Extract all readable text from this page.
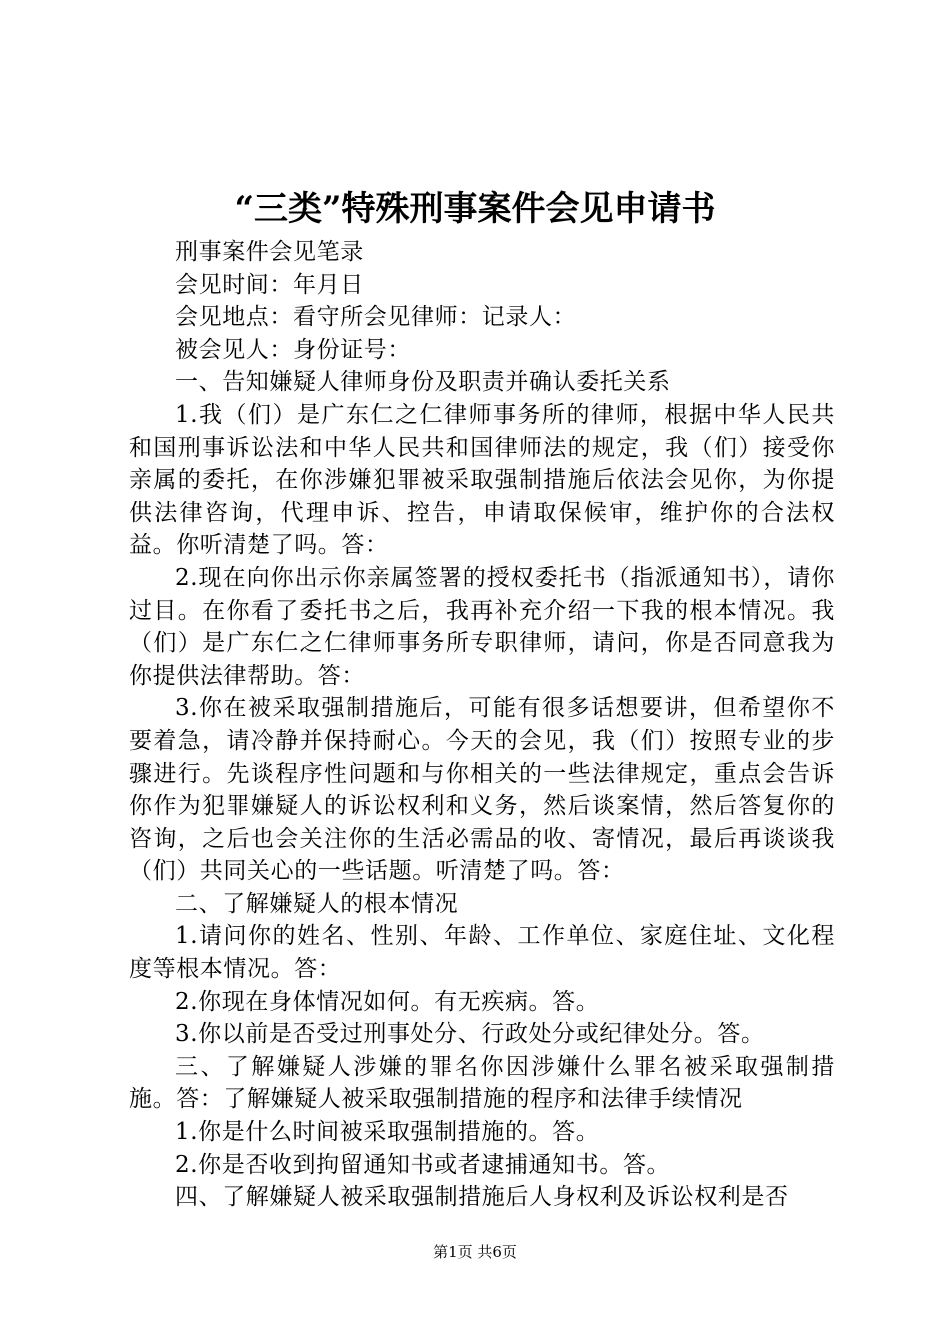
“三类”特殊刑事案件会见申请书

刑事案件会见笔录

会见时间：年月日

会见地点：看守所会见律师：记录人：

被会见人：身份证号：

一、告知嫌疑人律师身份及职责并确认委托关系

1.我（们）是广东仁之仁律师事务所的律师，根据中华人民共和国刑事诉讼法和中华人民共和国律师法的规定，我（们）接受你亲属的委托，在你涉嫌犯罪被采取强制措施后依法会见你，为你提供法律咨询，代理申诉、控告，申请取保候审，维护你的合法权益。你听清楚了吗。答：

2.现在向你出示你亲属签署的授权委托书（指派通知书），请你过目。在你看了委托书之后，我再补充介绍一下我的根本情况。我（们）是广东仁之仁律师事务所专职律师，请问，你是否同意我为你提供法律帮助。答：

3.你在被采取强制措施后，可能有很多话想要讲，但希望你不要着急，请冷静并保持耐心。今天的会见，我（们）按照专业的步骤进行。先谈程序性问题和与你相关的一些法律规定，重点会告诉你作为犯罪嫌疑人的诉讼权利和义务，然后谈案情，然后答复你的咨询，之后也会关注你的生活必需品的收、寄情况，最后再谈谈我（们）共同关心的一些话题。听清楚了吗。答：

二、了解嫌疑人的根本情况

1.请问你的姓名、性别、年龄、工作单位、家庭住址、文化程度等根本情况。答：

2.你现在身体情况如何。有无疾病。答。

3.你以前是否受过刑事处分、行政处分或纪律处分。答。

三、了解嫌疑人涉嫌的罪名你因涉嫌什么罪名被采取强制措施。答：了解嫌疑人被采取强制措施的程序和法律手续情况

1.你是什么时间被采取强制措施的。答。

2.你是否收到拘留通知书或者逮捕通知书。答。

四、了解嫌疑人被采取强制措施后人身权利及诉讼权利是否

第1页 共6页
